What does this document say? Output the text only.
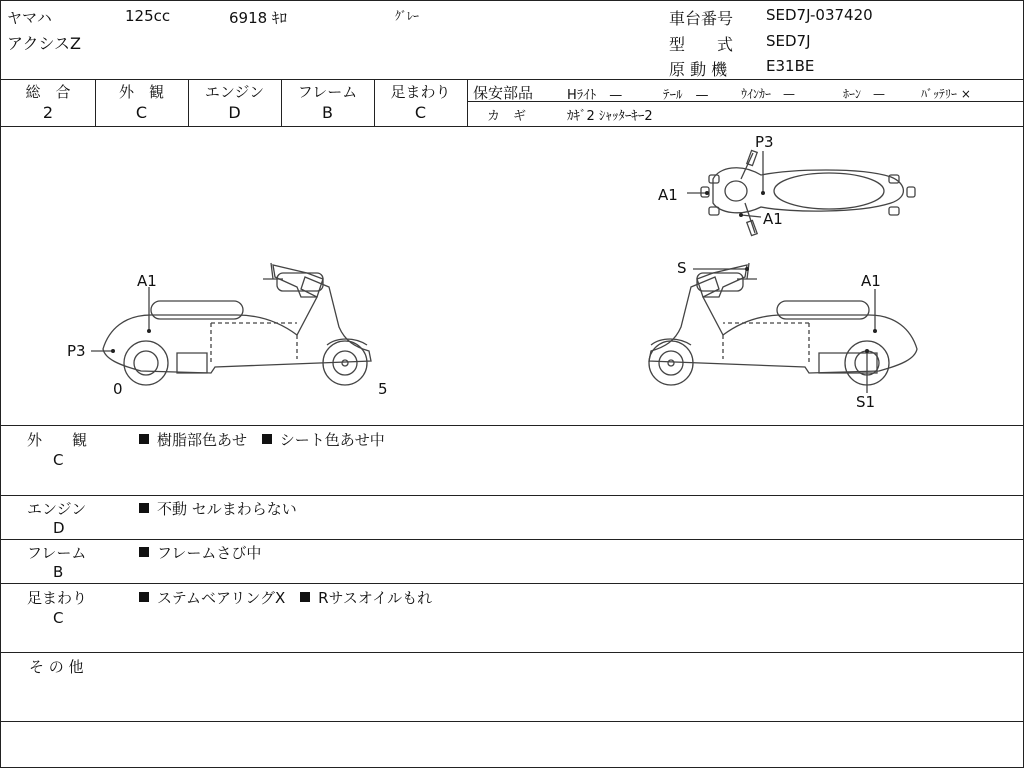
ヤマハ	125cc	6918 ｷﾛ	ｸﾞﾚｰ
アクシスZ
車台番号 SED7J-037420
型　　式 SED7J
原 動 機	E31BE
総　合
2
外　観
C
エンジン
D
フレーム
B
足まわり
C
保安部品	Hﾗｲﾄ　—	ﾃｰﾙ　—	ｳｲﾝｶｰ　—	ﾎｰﾝ　—	ﾊﾞｯﾃﾘｰ ×
カ　ギ	ｶｷﾞ2 ｼｬｯﾀｰｷｰ2
P3
A1
A1
A1
P3
0	5
S
A1
S1
外　　観
C
樹脂部色あせ シート色あせ中
エンジン
D
不動 セルまわらない
フレーム
B
フレームさび中
足まわり
C
ステムベアリングX Rサスオイルもれ
そ の 他
